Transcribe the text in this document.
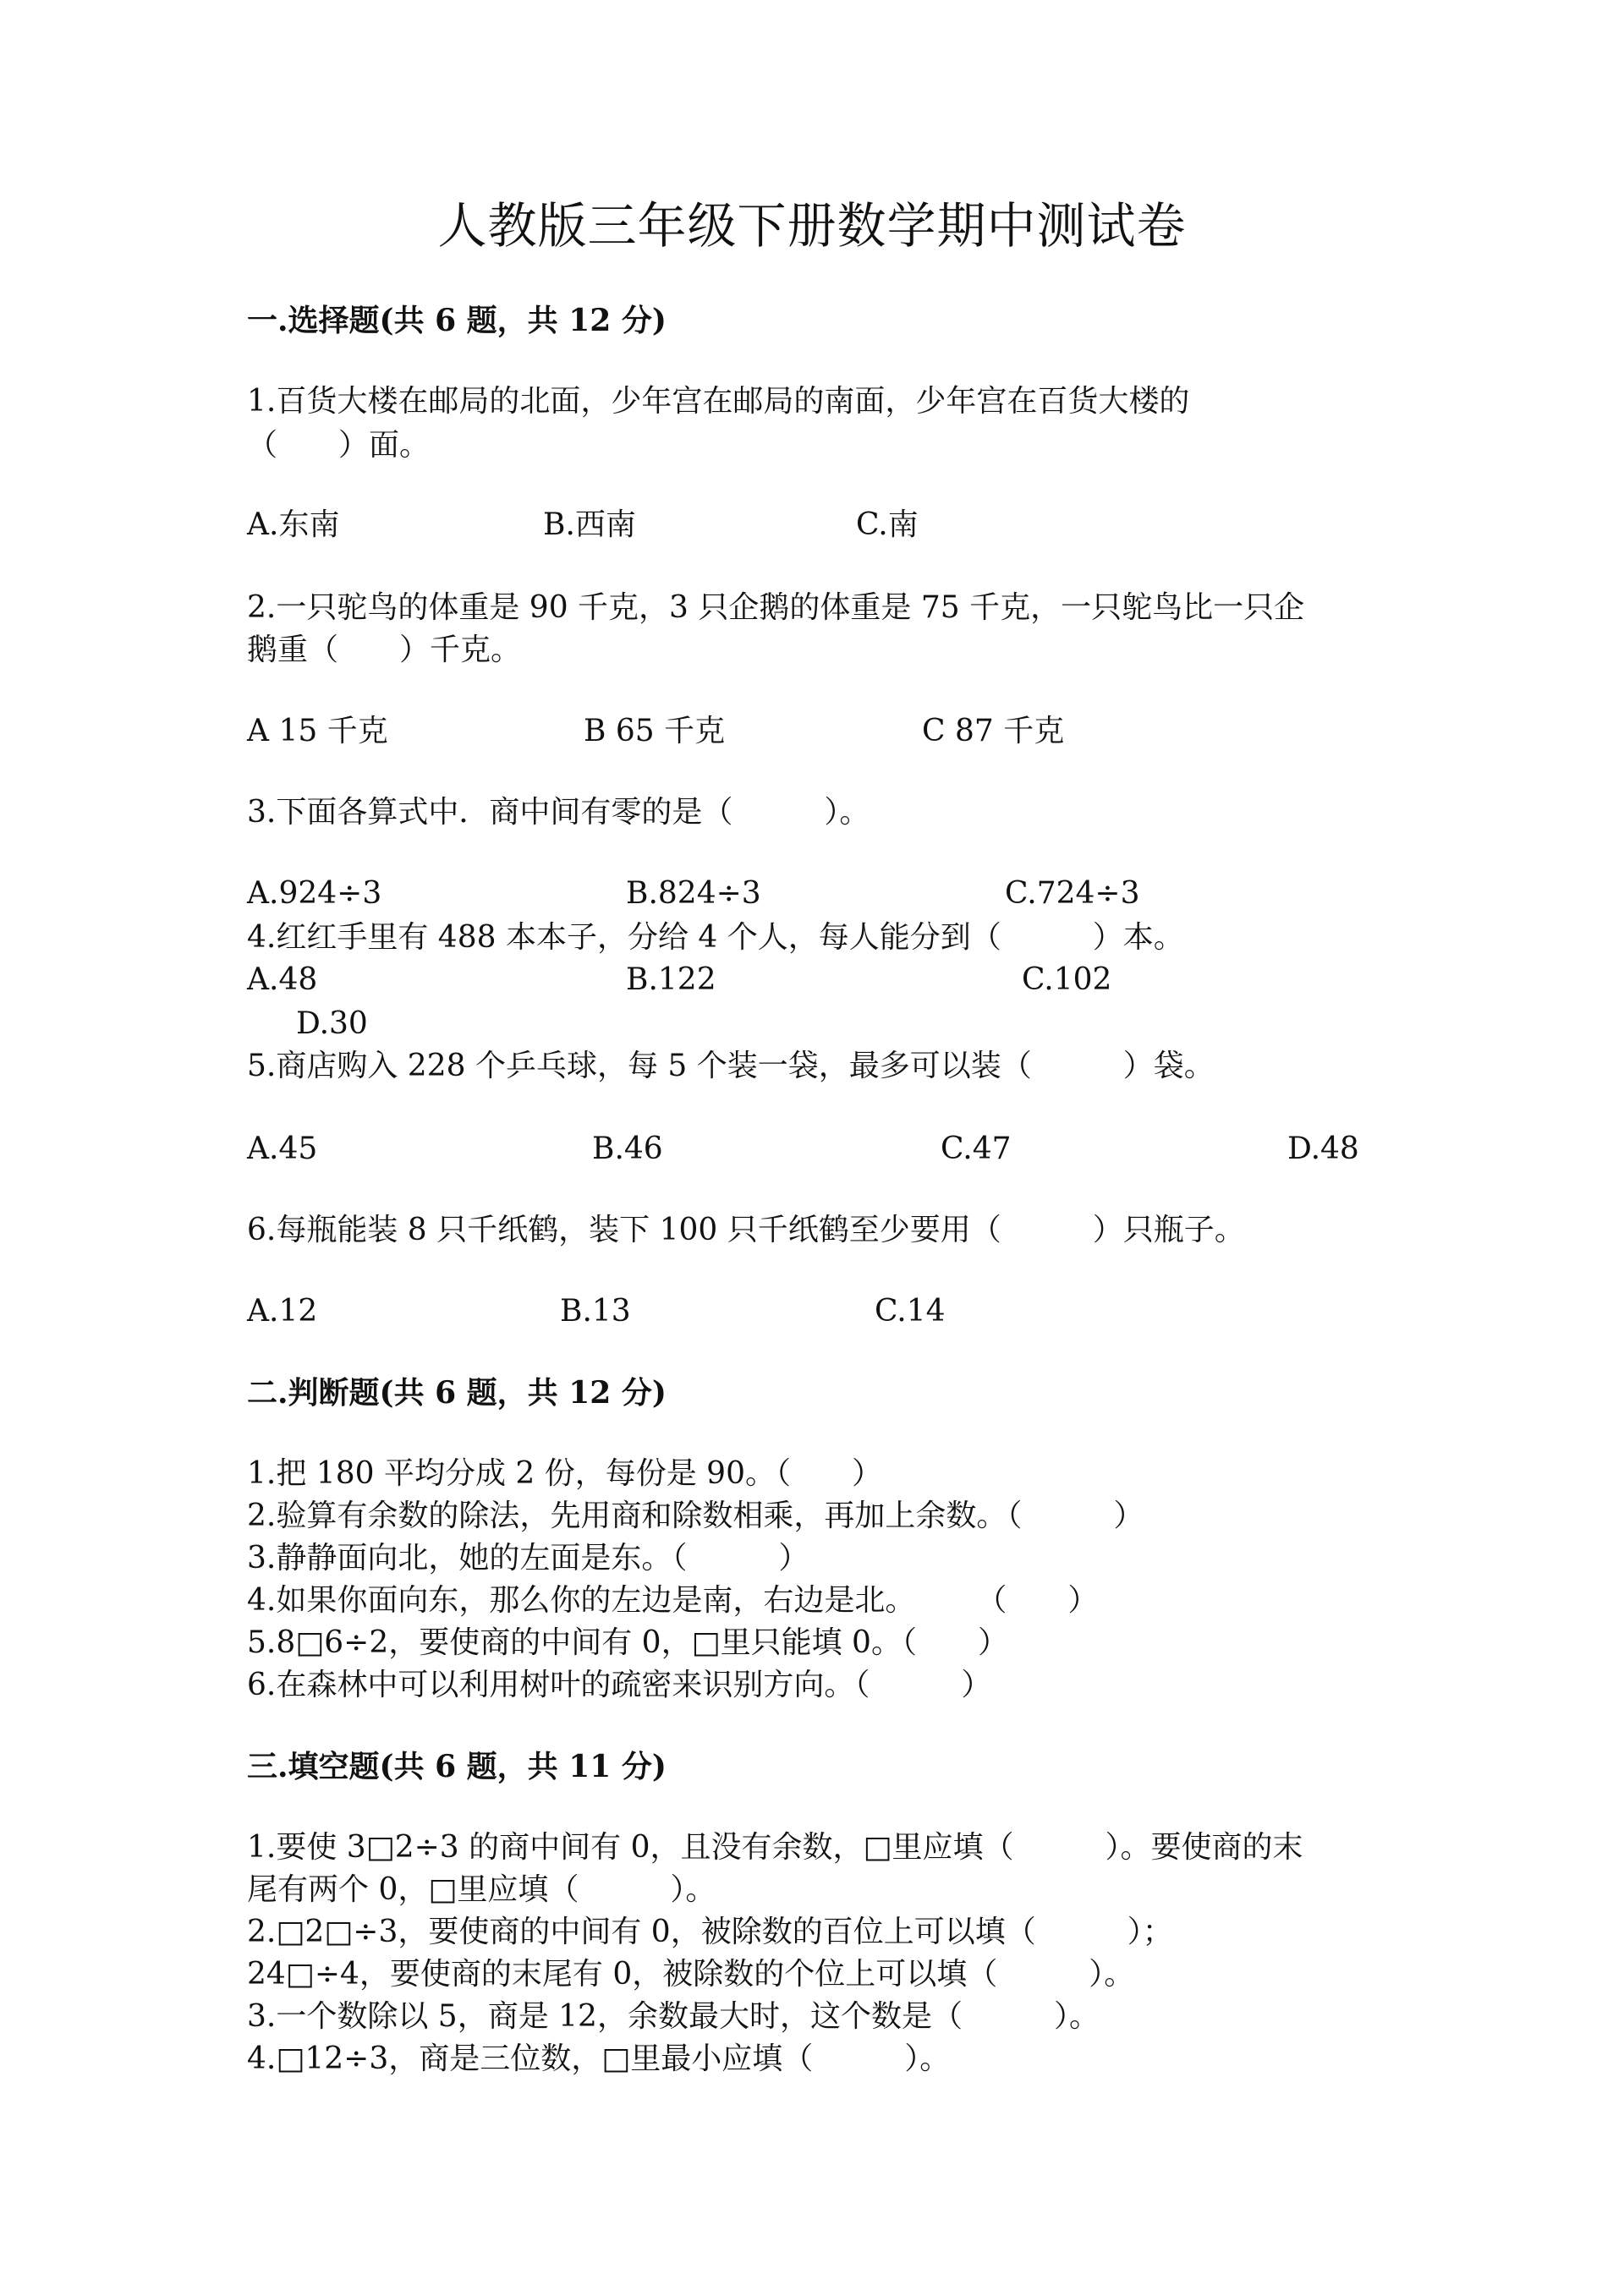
人教版三年级下册数学期中测试卷
一.选择题(共 6 题，共 12 分)
1.百货大楼在邮局的北面，少年宫在邮局的南面，少年宫在百货大楼的
（　　）面。
A.东南	B.西南	C.南
2.一只驼鸟的体重是 90 千克，3 只企鹅的体重是 75 千克，一只鸵鸟比一只企
鹅重（　　）千克。
A 15 千克	B 65 千克	C 87 千克
3.下面各算式中．商中间有零的是（　　　）。
A.924÷3	B.824÷3	C.724÷3
4.红红手里有 488 本本子，分给 4 个人，每人能分到（　　　）本。
A.48	B.122	C.102
D.30
5.商店购入 228 个乒乓球，每 5 个装一袋，最多可以装（　　　）袋。
A.45	B.46	C.47	D.48
6.每瓶能装 8 只千纸鹤，装下 100 只千纸鹤至少要用（　　　）只瓶子。
A.12	B.13	C.14
二.判断题(共 6 题，共 12 分)
1.把 180 平均分成 2 份，每份是 90。（　　）
2.验算有余数的除法，先用商和除数相乘，再加上余数。（　　　）
3.静静面向北，她的左面是东。（　　　）
4.如果你面向东，那么你的左边是南，右边是北。　　　（　　）
5.8□6÷2，要使商的中间有 0，□里只能填 0。（　　）
6.在森林中可以利用树叶的疏密来识别方向。（　　　）
三.填空题(共 6 题，共 11 分)
1.要使 3□2÷3 的商中间有 0，且没有余数，□里应填（　　　）。要使商的末
尾有两个 0，□里应填（　　　）。
2.□2□÷3，要使商的中间有 0，被除数的百位上可以填（　　　）；
24□÷4，要使商的末尾有 0，被除数的个位上可以填（　　　）。
3.一个数除以 5，商是 12，余数最大时，这个数是（　　　）。
4.□12÷3，商是三位数，□里最小应填（　　　）。
